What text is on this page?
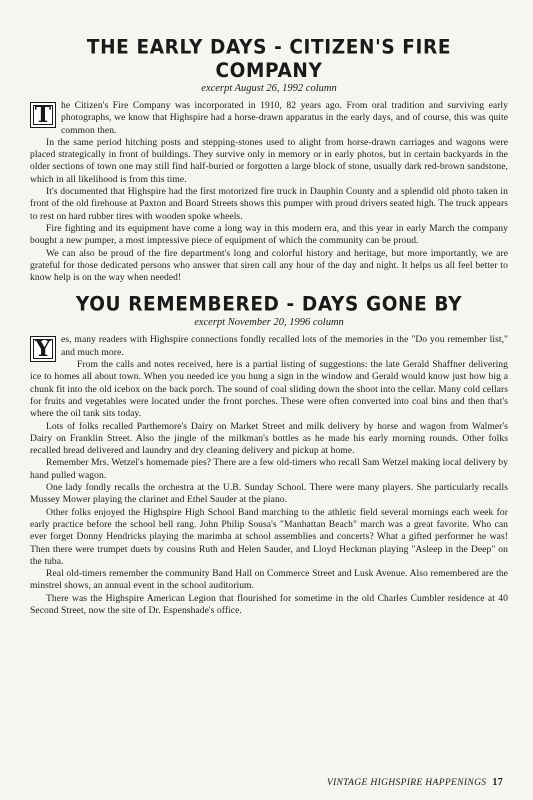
THE EARLY DAYS - CITIZEN'S FIRE COMPANY
excerpt August 26, 1992 column

T	he Citizen's Fire Company was incorporated in 1910, 82 years ago. From oral tradition and surviving early photographs, we know that Highspire had a horse-drawn apparatus in the early days, and of course, this was quite common then.

In the same period hitching posts and stepping-stones used to alight from horse-drawn carriages and wagons were placed strategically in front of buildings. They survive only in memory or in early photos, but in certain backyards in the older sections of town one may still find half-buried or forgotten a large block of stone, usually dark red-brown sandstone, which in all likelihood is from this time.

It's documented that Highspire had the first motorized fire truck in Dauphin County and a splendid old photo taken in front of the old firehouse at Paxton and Board Streets shows this pumper with proud drivers seated high. The truck appears to rest on hard rubber tires with wooden spoke wheels.

Fire fighting and its equipment have come a long way in this modern era, and this year in early March the company bought a new pumper, a most impressive piece of equipment of which the community can be proud.

We can also be proud of the fire department's long and colorful history and heritage, but more importantly, we are grateful for those dedicated persons who answer that siren call any hour of the day and night. It helps us all feel better to know help is on the way when needed!

YOU REMEMBERED - DAYS GONE BY
excerpt November 20, 1996 column

Y	es, many readers with Highspire connections fondly recalled lots of the memories in the "Do you remember list," and much more.

From the calls and notes received, here is a partial listing of suggestions: the late Gerald Shaffner delivering ice to homes all about town. When you needed ice you hung a sign in the window and Gerald would know just how big a chunk fit into the old icebox on the back porch. The sound of coal sliding down the shoot into the cellar. Many cold cellars for fruits and vegetables were located under the front porches. These were often converted into coal bins and then that's where the oil tank sits today.

Lots of folks recalled Parthemore's Dairy on Market Street and milk delivery by horse and wagon from Walmer's Dairy on Franklin Street. Also the jingle of the milkman's bottles as he made his early morning rounds. Other folks recalled bread delivered and laundry and dry cleaning delivery and pickup at home.

Remember Mrs. Wetzel's homemade pies? There are a few old-timers who recall Sam Wetzel making local delivery by hand pulled wagon.

One lady fondly recalls the orchestra at the U.B. Sunday School. There were many players. She particularly recalls Mussey Mower playing the clarinet and Ethel Sauder at the piano.

Other folks enjoyed the Highspire High School Band marching to the athletic field several mornings each week for early practice before the school bell rang. John Philip Sousa's "Manhattan Beach" march was a great favorite. Who can ever forget Donny Hendricks playing the marimba at school assemblies and concerts? What a gifted performer he was! Then there were trumpet duets by cousins Ruth and Helen Sauder, and Lloyd Heckman playing "Asleep in the Deep" on the tuba.

Real old-timers remember the community Band Hall on Commerce Street and Lusk Avenue. Also remembered are the minstrel shows, an annual event in the school auditorium.

There was the Highspire American Legion that flourished for sometime in the old Charles Cumbler residence at 40 Second Street, now the site of Dr. Espenshade's office.

VINTAGE HIGHSPIRE HAPPENINGS 17
